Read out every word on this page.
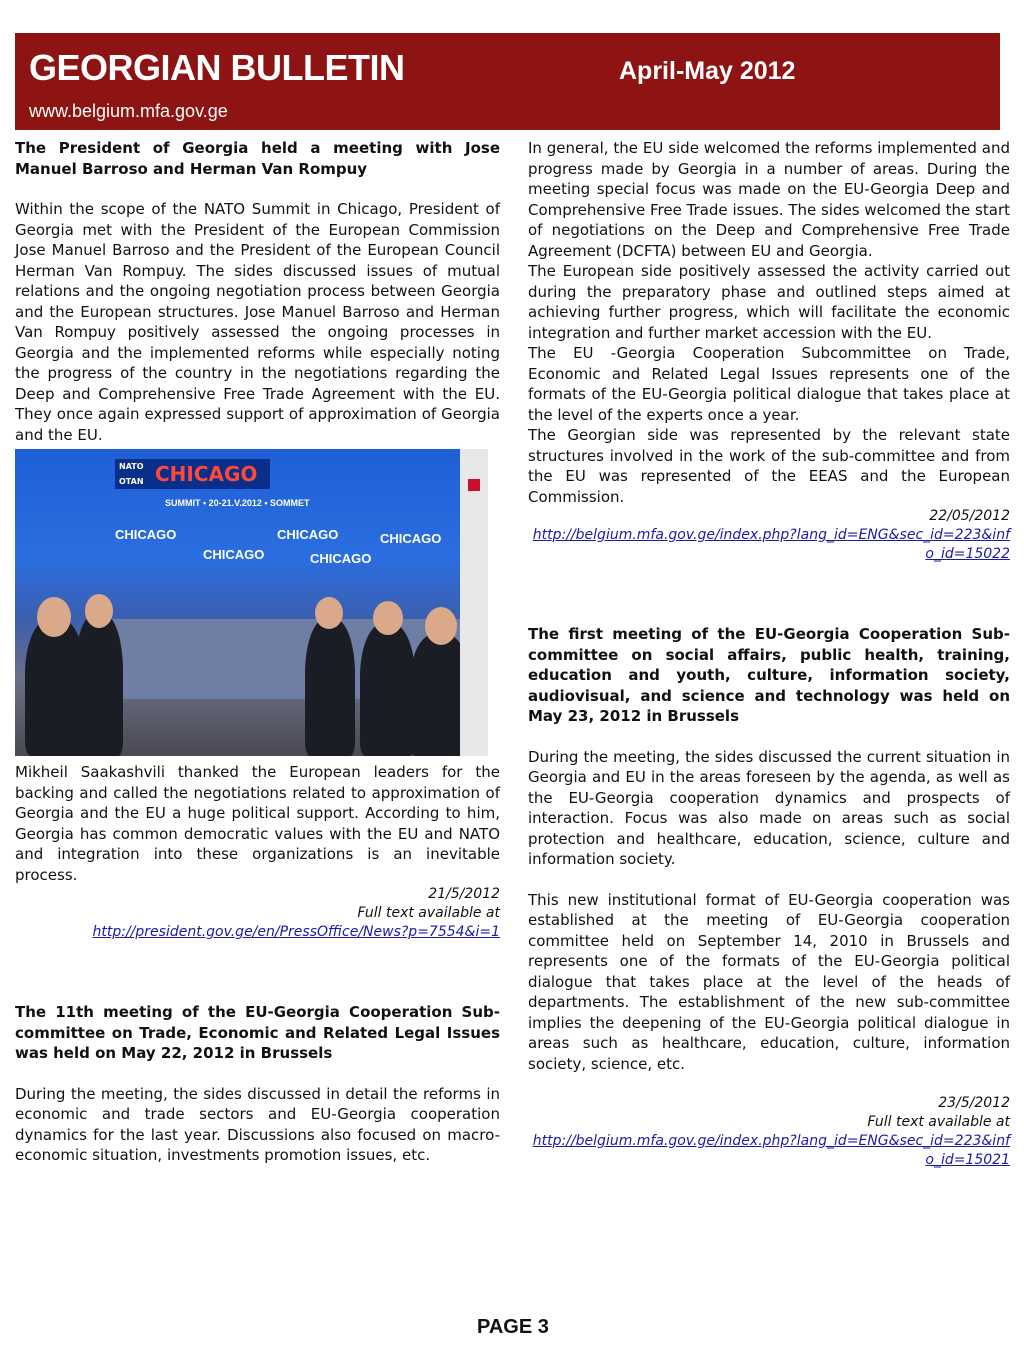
GEORGIAN BULLETIN	April-May 2012
www.belgium.mfa.gov.ge

The President of Georgia held a meeting with Jose Manuel Barroso and Herman Van Rompuy

Within the scope of the NATO Summit in Chicago, President of Georgia met with the President of the European Commission Jose Manuel Barroso and the President of the European Council Herman Van Rompuy. The sides discussed issues of mutual relations and the ongoing negotiation process between Georgia and the European structures. Jose Manuel Barroso and Herman Van Rompuy positively assessed the ongoing processes in Georgia and the implemented reforms while especially noting the progress of the country in the negotiations regarding the Deep and Comprehensive Free Trade Agreement with the EU. They once again expressed support of approximation of Georgia and the EU.

NATO OTAN CHICAGO
SUMMIT • 20-21.V.2012 • SOMMET
CHICAGO	CHICAGO	CHICAGO
CHICAGO	CHICAGO

Mikheil Saakashvili thanked the European leaders for the backing and called the negotiations related to approximation of Georgia and the EU a huge political support. According to him, Georgia has common democratic values with the EU and NATO and integration into these organizations is an inevitable process.

21/5/2012
Full text available at
http://president.gov.ge/en/PressOffice/News?p=7554&i=1

The 11th meeting of the EU-Georgia Cooperation Sub-committee on Trade, Economic and Related Legal Issues was held on May 22, 2012 in Brussels

During the meeting, the sides discussed in detail the reforms in economic and trade sectors and EU-Georgia cooperation dynamics for the last year. Discussions also focused on macro-economic situation, investments promotion issues, etc.

In general, the EU side welcomed the reforms implemented and progress made by Georgia in a number of areas. During the meeting special focus was made on the EU-Georgia Deep and Comprehensive Free Trade issues. The sides welcomed the start of negotiations on the Deep and Comprehensive Free Trade Agreement (DCFTA) between EU and Georgia.

The European side positively assessed the activity carried out during the preparatory phase and outlined steps aimed at achieving further progress, which will facilitate the economic integration and further market accession with the EU.

The EU -Georgia Cooperation Subcommittee on Trade, Economic and Related Legal Issues represents one of the formats of the EU-Georgia political dialogue that takes place at the level of the experts once a year.

The Georgian side was represented by the relevant state structures involved in the work of the sub-committee and from the EU was represented of the EEAS and the European Commission.

22/05/2012
http://belgium.mfa.gov.ge/index.php?lang_id=ENG&sec_id=223&info_id=15022

The first meeting of the EU-Georgia Cooperation Sub-committee on social affairs, public health, training, education and youth, culture, information society, audiovisual, and science and technology was held on May 23, 2012 in Brussels

During the meeting, the sides discussed the current situation in Georgia and EU in the areas foreseen by the agenda, as well as the EU-Georgia cooperation dynamics and prospects of interaction. Focus was also made on areas such as social protection and healthcare, education, science, culture and information society.

This new institutional format of EU-Georgia cooperation was established at the meeting of EU-Georgia cooperation committee held on September 14, 2010 in Brussels and represents one of the formats of the EU-Georgia political dialogue that takes place at the level of the heads of departments. The establishment of the new sub-committee implies the deepening of the EU-Georgia political dialogue in areas such as healthcare, education, culture, information society, science, etc.

23/5/2012
Full text available at
http://belgium.mfa.gov.ge/index.php?lang_id=ENG&sec_id=223&info_id=15021
PAGE 3
